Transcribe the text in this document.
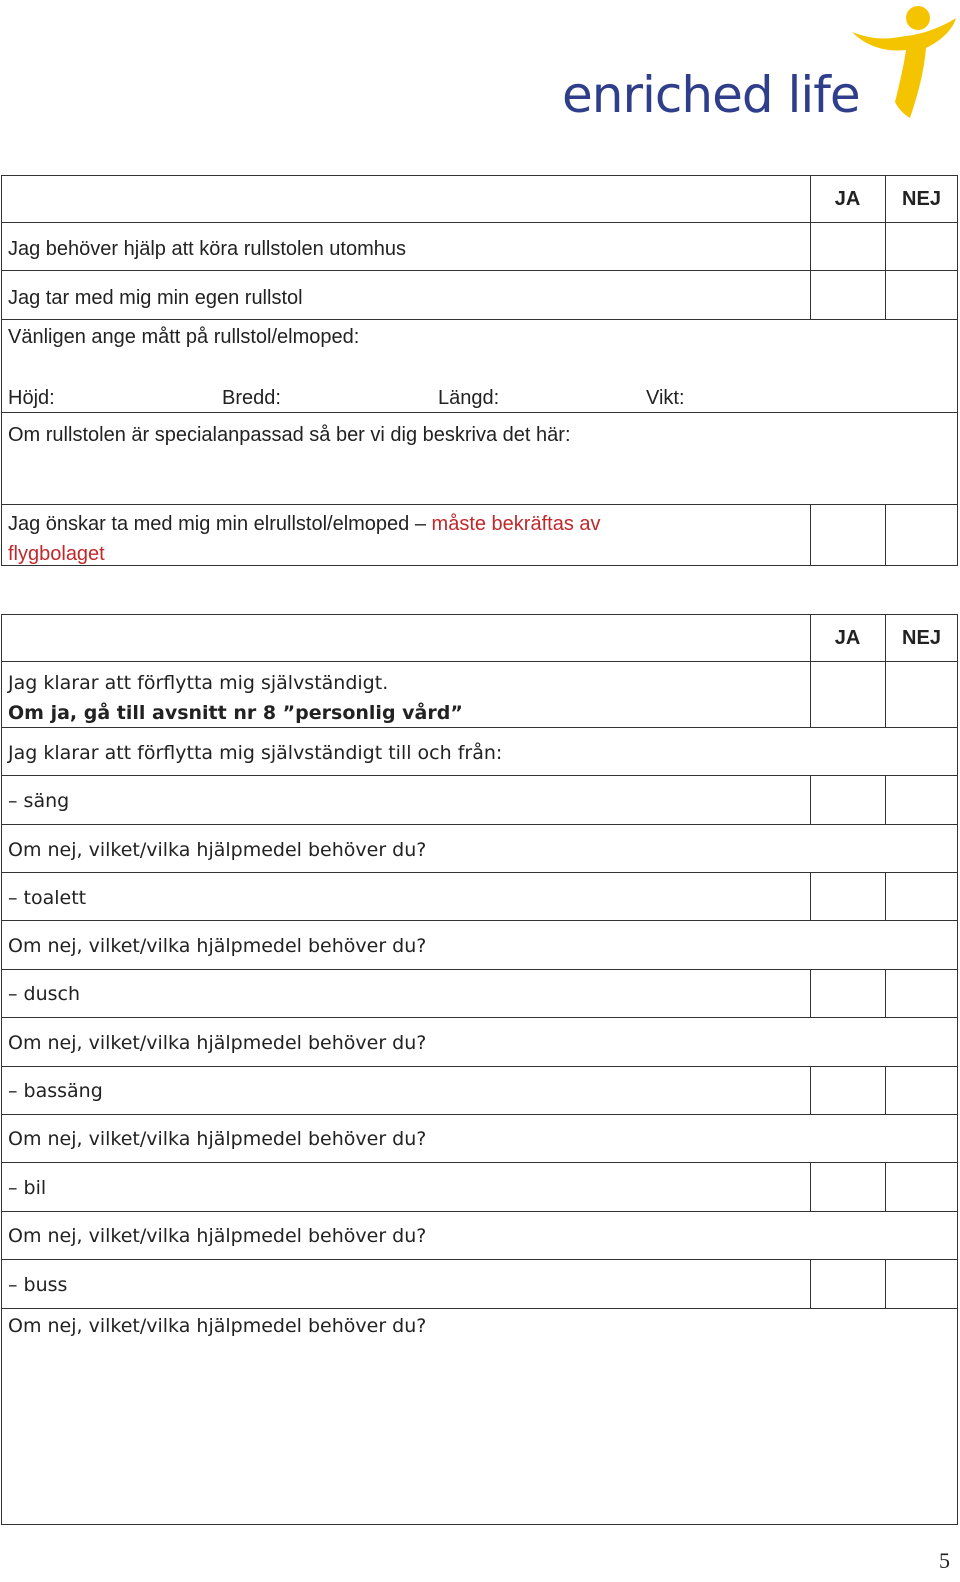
enriched life
JA	NEJ
Jag behöver hjälp att köra rullstolen utomhus
Jag tar med mig min egen rullstol
Vänligen ange mått på rullstol/elmoped:
Höjd:	Bredd:	Längd:	Vikt:
Om rullstolen är specialanpassad så ber vi dig beskriva det här:
Jag önskar ta med mig min elrullstol/elmoped – måste bekräftas av
flygbolaget
JA	NEJ
Jag klarar att förflytta mig självständigt.
Om ja, gå till avsnitt nr 8 ”personlig vård”
Jag klarar att förflytta mig självständigt till och från:
– säng
Om nej, vilket/vilka hjälpmedel behöver du?
– toalett
Om nej, vilket/vilka hjälpmedel behöver du?
– dusch
Om nej, vilket/vilka hjälpmedel behöver du?
– bassäng
Om nej, vilket/vilka hjälpmedel behöver du?
– bil
Om nej, vilket/vilka hjälpmedel behöver du?
– buss
Om nej, vilket/vilka hjälpmedel behöver du?
5
